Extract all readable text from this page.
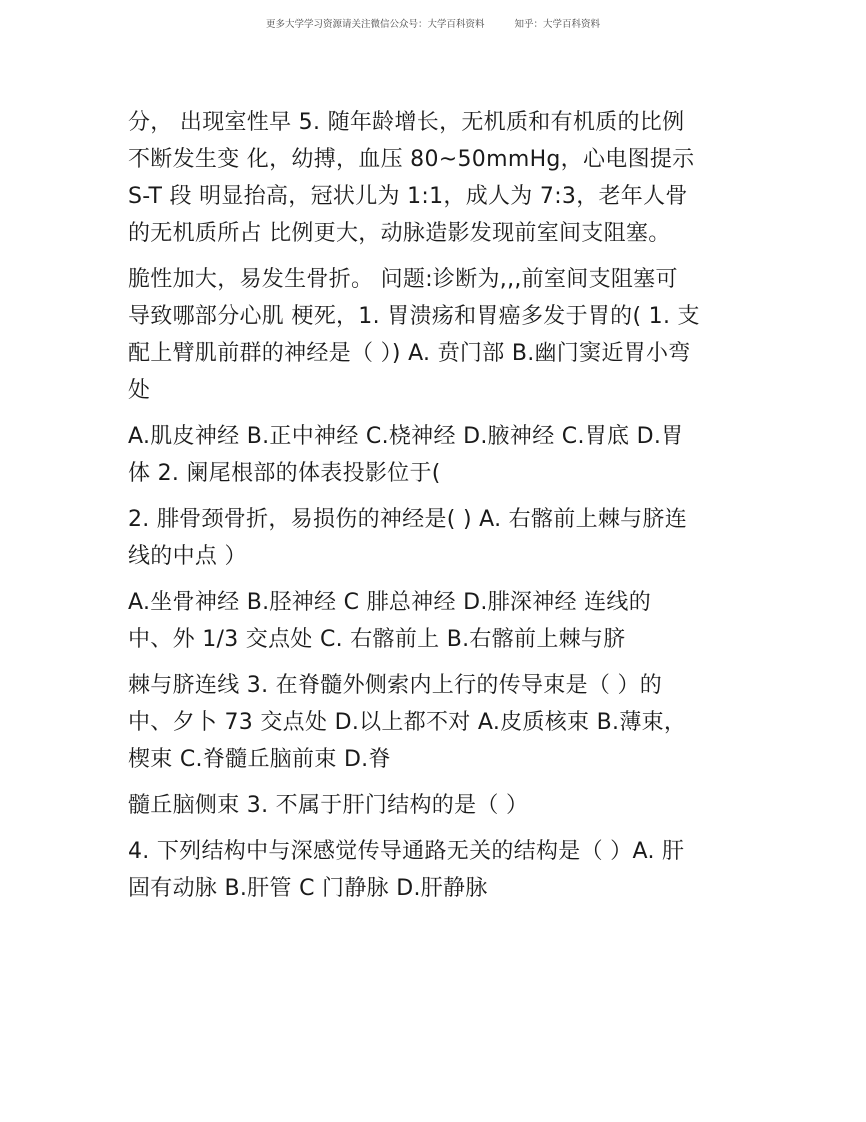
更多大学学习资源请关注微信公众号：大学百科资料	知乎：大学百科资料

分， 出现室性早 5. 随年龄增长，无机质和有机质的比例
不断发生变 化，幼搏，血压 80~50mmHg，心电图提示
S-T 段 明显抬高，冠状儿为 1:1，成人为 7:3，老年人骨
的无机质所占 比例更大，动脉造影发现前室间支阻塞。

脆性加大，易发生骨折。 问题:诊断为,,,前室间支阻塞可
导致哪部分心肌 梗死，1. 胃溃疡和胃癌多发于胃的( 1. 支
配上臂肌前群的神经是（ ）) A. 贲门部 B.幽门窦近胃小弯
处

A.肌皮神经 B.正中神经 C.桡神经 D.腋神经 C.胃底 D.胃
体 2. 阑尾根部的体表投影位于(

2. 腓骨颈骨折，易损伤的神经是( ) A. 右髂前上棘与脐连
线的中点 ）

A.坐骨神经 B.胫神经 C 腓总神经 D.腓深神经 连线的
中、外 1/3 交点处 C. 右髂前上 B.右髂前上棘与脐

棘与脐连线 3. 在脊髓外侧索内上行的传导束是（ ）的
中、夕卜 73 交点处 D.以上都不对 A.皮质核束 B.薄束，
楔束 C.脊髓丘脑前束 D.脊

髓丘脑侧束 3. 不属于肝门结构的是（ ）

4. 下列结构中与深感觉传导通路无关的结构是（ ）A. 肝
固有动脉 B.肝管 C 门静脉 D.肝静脉
